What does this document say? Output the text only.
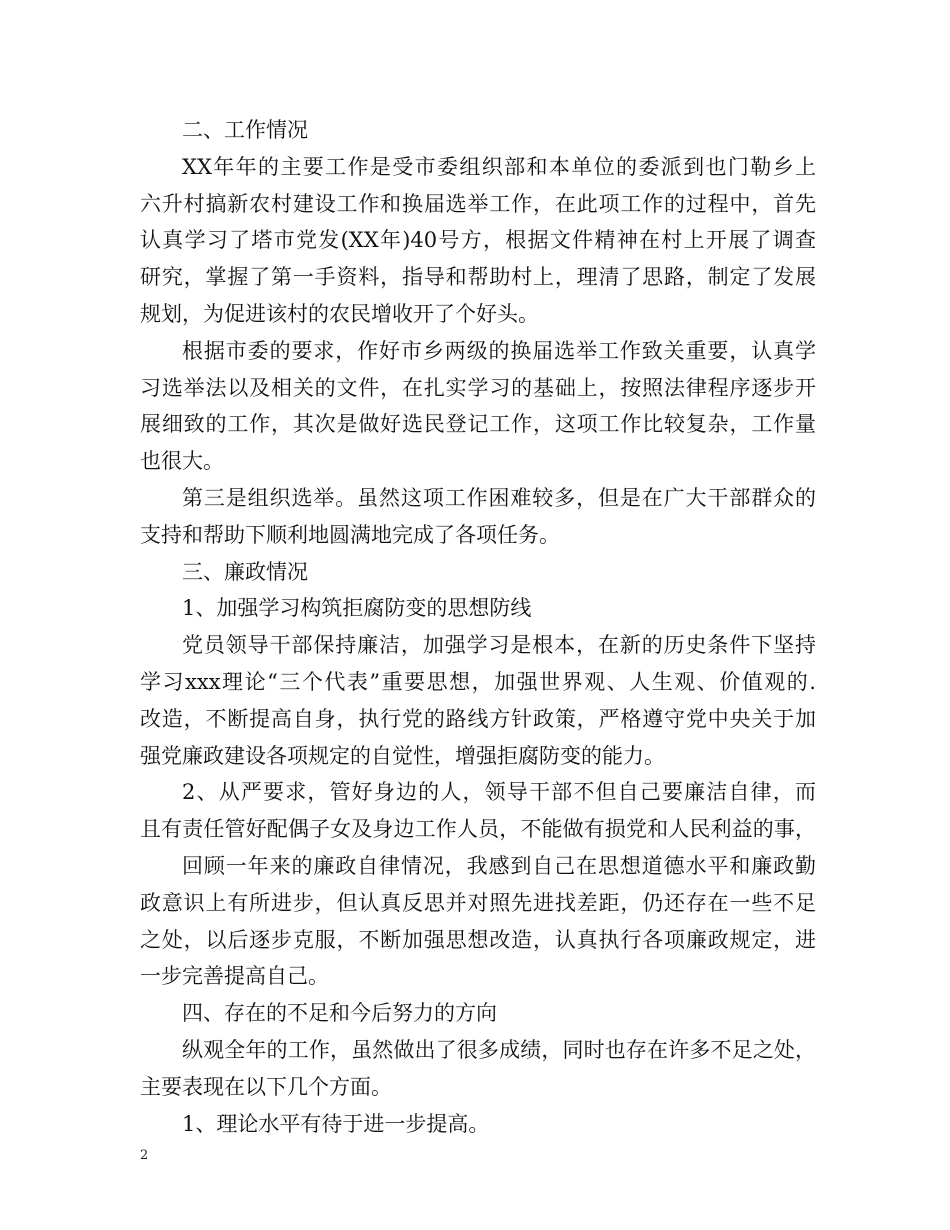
二、工作情况
XX年年的主要工作是受市委组织部和本单位的委派到也门勒乡上
六升村搞新农村建设工作和换届选举工作，在此项工作的过程中，首先
认真学习了塔市党发(XX年)40号方，根据文件精神在村上开展了调查
研究，掌握了第一手资料，指导和帮助村上，理清了思路，制定了发展
规划，为促进该村的农民增收开了个好头。
根据市委的要求，作好市乡两级的换届选举工作致关重要，认真学
习选举法以及相关的文件，在扎实学习的基础上，按照法律程序逐步开
展细致的工作，其次是做好选民登记工作，这项工作比较复杂，工作量
也很大。
第三是组织选举。虽然这项工作困难较多，但是在广大干部群众的
支持和帮助下顺利地圆满地完成了各项任务。
三、廉政情况
1、加强学习构筑拒腐防变的思想防线
党员领导干部保持廉洁，加强学习是根本，在新的历史条件下坚持
学习xxx理论“三个代表”重要思想，加强世界观、人生观、价值观的.
改造，不断提高自身，执行党的路线方针政策，严格遵守党中央关于加
强党廉政建设各项规定的自觉性，增强拒腐防变的能力。
2、从严要求，管好身边的人，领导干部不但自己要廉洁自律，而
且有责任管好配偶子女及身边工作人员，不能做有损党和人民利益的事，
回顾一年来的廉政自律情况，我感到自己在思想道德水平和廉政勤
政意识上有所进步，但认真反思并对照先进找差距，仍还存在一些不足
之处，以后逐步克服，不断加强思想改造，认真执行各项廉政规定，进
一步完善提高自己。
四、存在的不足和今后努力的方向
纵观全年的工作，虽然做出了很多成绩，同时也存在许多不足之处，
主要表现在以下几个方面。
1、理论水平有待于进一步提高。
2
